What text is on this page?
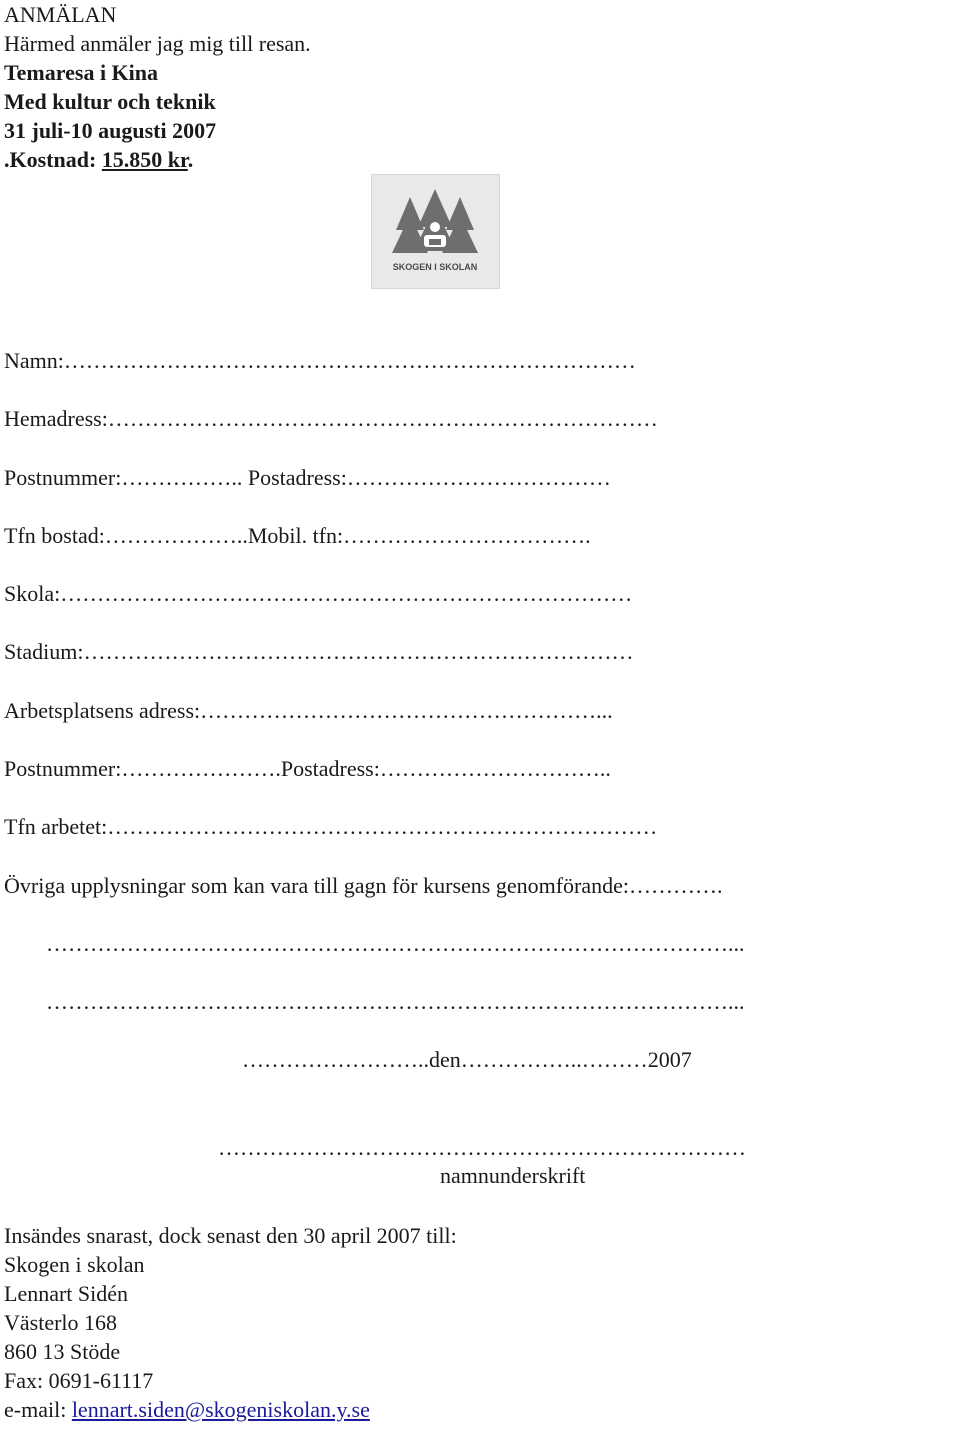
ANMÄLAN
Härmed anmäler jag mig till resan.
Temaresa i Kina
Med kultur och teknik
31 juli-10 augusti 2007
.Kostnad: 15.850 kr.
SKOGEN I SKOLAN
Namn:……………………………………………………………………
Hemadress:…………………………………………………………………
Postnummer:…………….. Postadress:………………………………
Tfn bostad:………………..Mobil. tfn:…………………………….
Skola:……………………………………………………………………
Stadium:…………………………………………………………………
Arbetsplatsens adress:………………………………………………...
Postnummer:………………….Postadress:…………………………..
Tfn arbetet:…………………………………………………………………
Övriga upplysningar som kan vara till gagn för kursens genomförande:………….
…………………………………………………………………………………...
…………………………………………………………………………………...
……………………..den……………..………2007
………………………………………………………………
namnunderskrift
Insändes snarast, dock senast den 30 april 2007 till:
Skogen i skolan
Lennart Sidén
Västerlo 168
860 13 Stöde
Fax: 0691-61117
e-mail: lennart.siden@skogeniskolan.y.se
